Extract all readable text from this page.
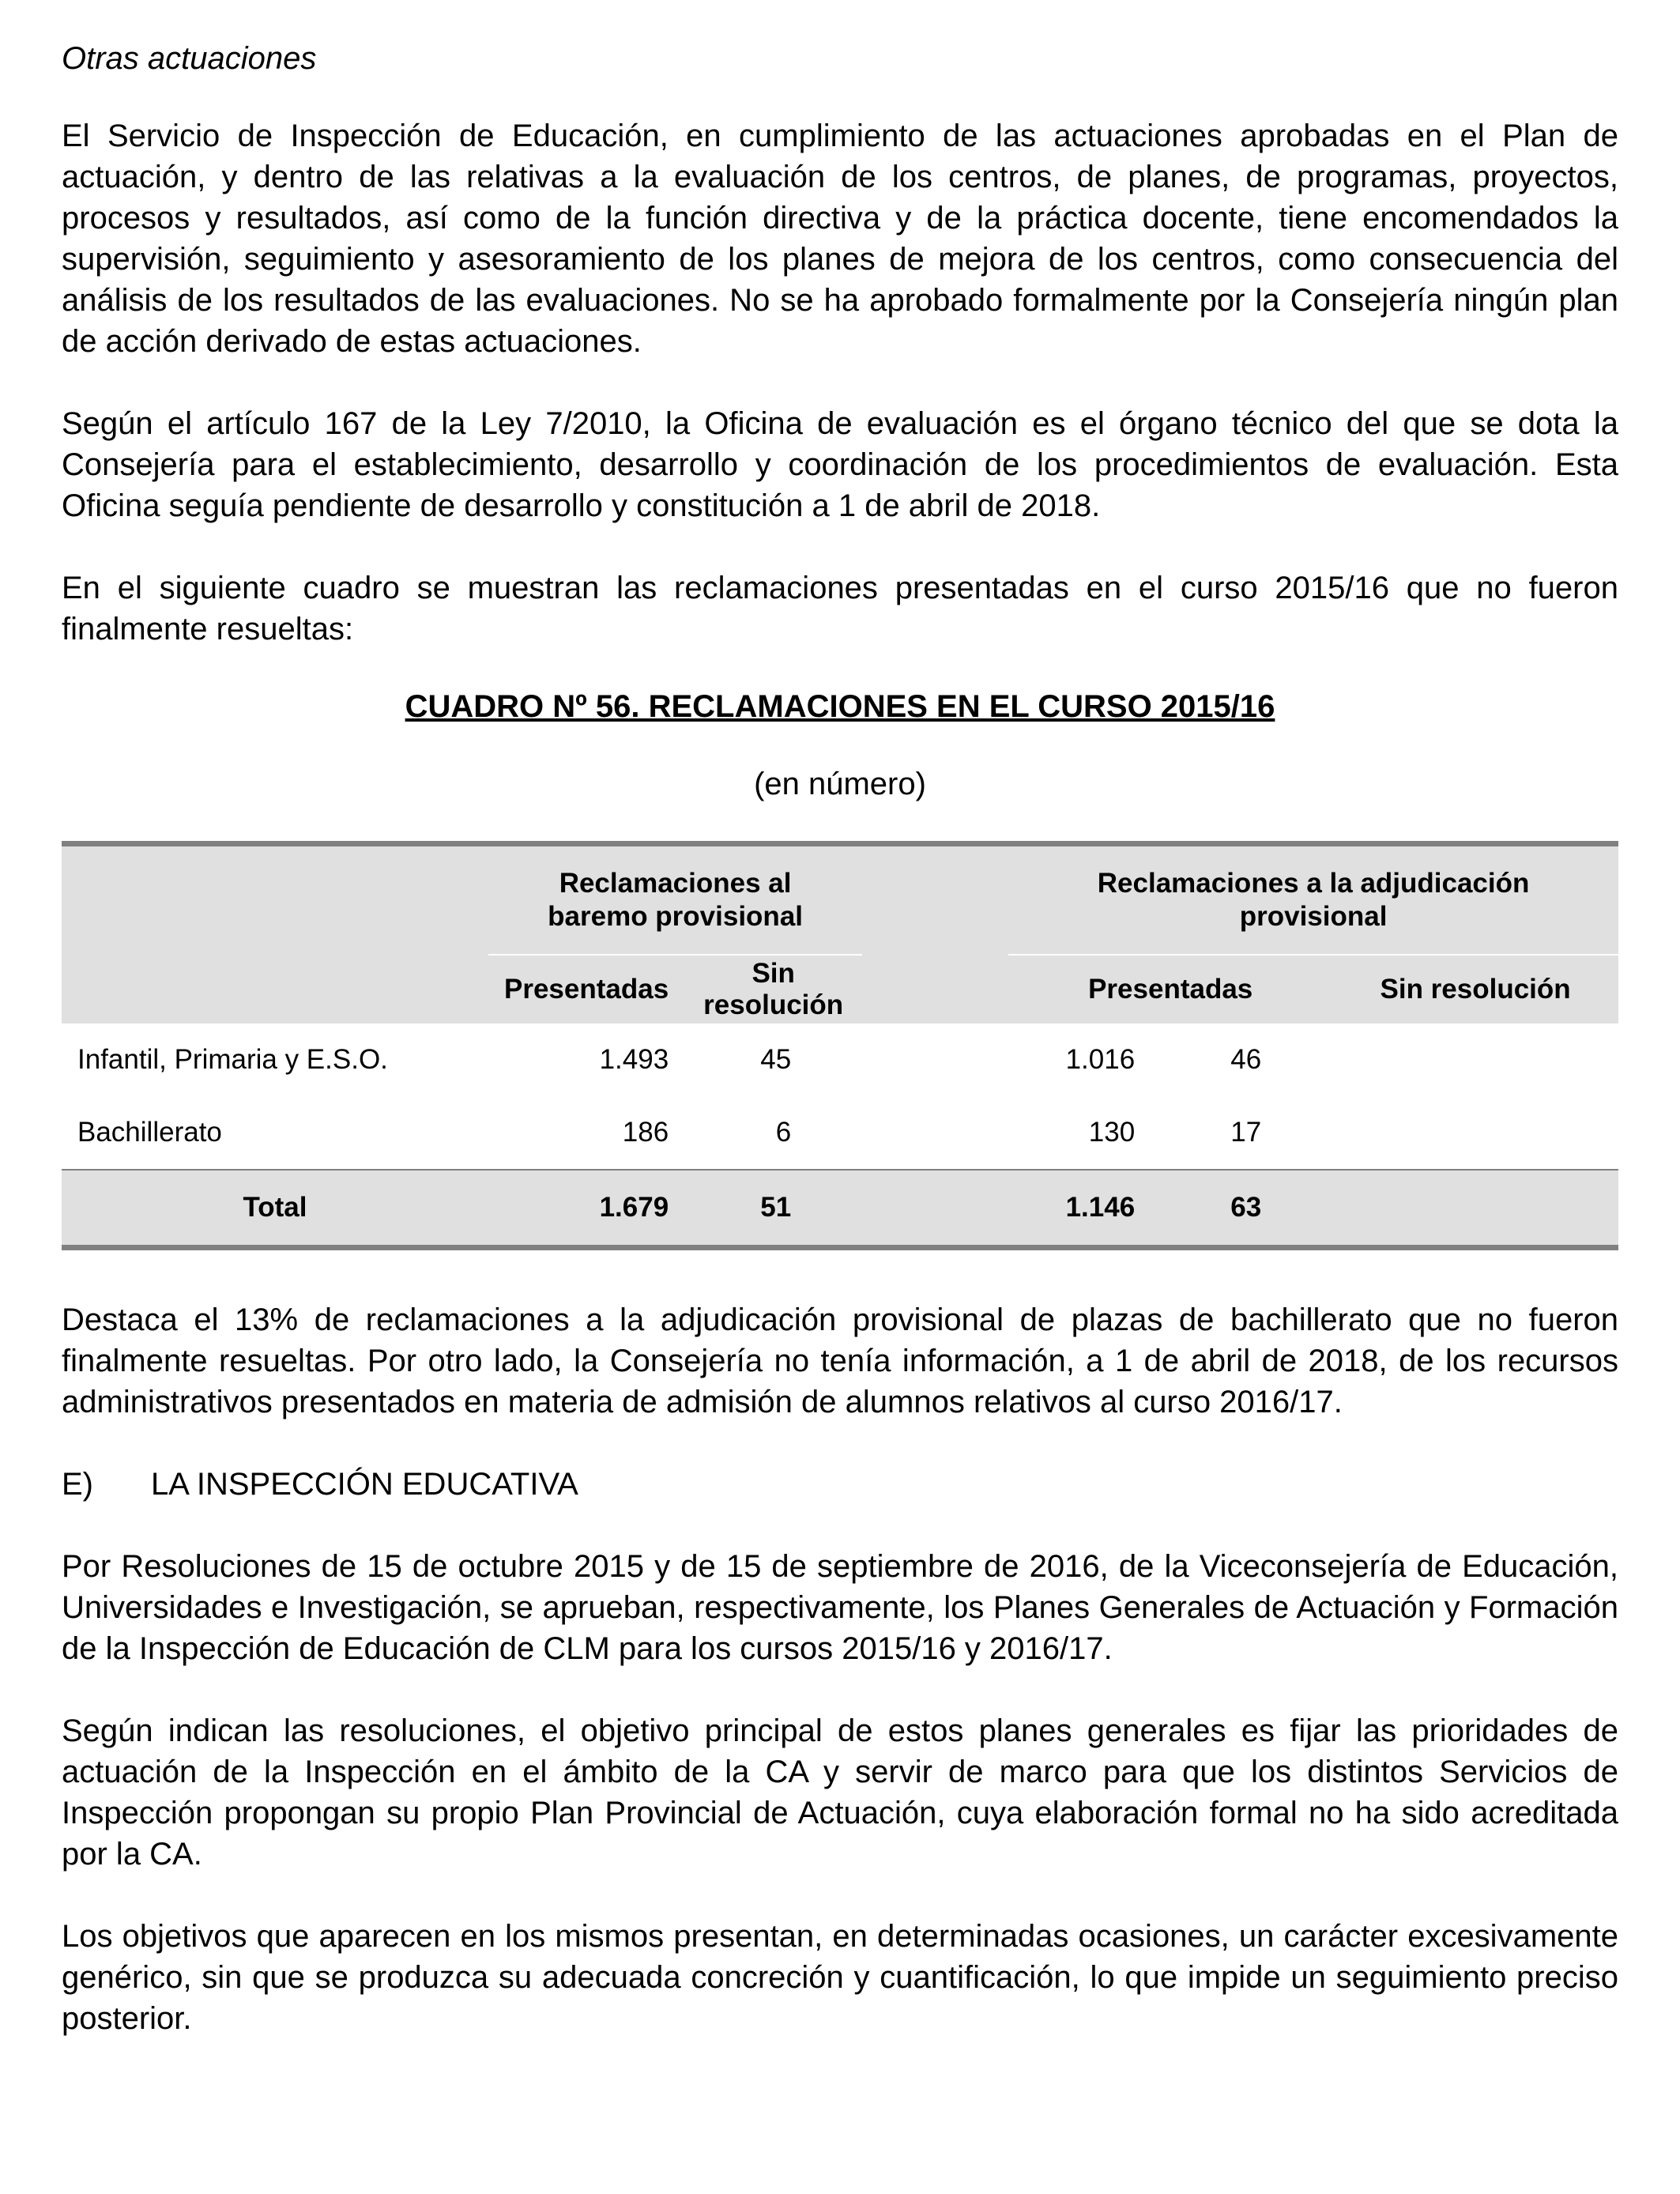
Otras actuaciones

El Servicio de Inspección de Educación, en cumplimiento de las actuaciones aprobadas en el Plan de actuación, y dentro de las relativas a la evaluación de los centros, de planes, de programas, proyectos, procesos y resultados, así como de la función directiva y de la práctica docente, tiene encomendados la supervisión, seguimiento y asesoramiento de los planes de mejora de los centros, como consecuencia del análisis de los resultados de las evaluaciones. No se ha aprobado formalmente por la Consejería ningún plan de acción derivado de estas actuaciones.

Según el artículo 167 de la Ley 7/2010, la Oficina de evaluación es el órgano técnico del que se dota la Consejería para el establecimiento, desarrollo y coordinación de los procedimientos de evaluación. Esta Oficina seguía pendiente de desarrollo y constitución a 1 de abril de 2018.

En el siguiente cuadro se muestran las reclamaciones presentadas en el curso 2015/16 que no fueron finalmente resueltas:

CUADRO Nº 56. RECLAMACIONES EN EL CURSO 2015/16
(en número)

	Reclamaciones al baremo provisional			Reclamaciones a la adjudicación provisional		
	Presentadas	Sin resolución		Presentadas		Sin resolución
Infantil, Primaria y E.S.O.	1.493	45		1.016	46	
Bachillerato	186	6		130	17	
Total	1.679	51		1.146	63	

Destaca el 13% de reclamaciones a la adjudicación provisional de plazas de bachillerato que no fueron finalmente resueltas. Por otro lado, la Consejería no tenía información, a 1 de abril de 2018, de los recursos administrativos presentados en materia de admisión de alumnos relativos al curso 2016/17.

E)	LA INSPECCIÓN EDUCATIVA

Por Resoluciones de 15 de octubre 2015 y de 15 de septiembre de 2016, de la Viceconsejería de Educación, Universidades e Investigación, se aprueban, respectivamente, los Planes Generales de Actuación y Formación de la Inspección de Educación de CLM para los cursos 2015/16 y 2016/17.

Según indican las resoluciones, el objetivo principal de estos planes generales es fijar las prioridades de actuación de la Inspección en el ámbito de la CA y servir de marco para que los distintos Servicios de Inspección propongan su propio Plan Provincial de Actuación, cuya elaboración formal no ha sido acreditada por la CA.

Los objetivos que aparecen en los mismos presentan, en determinadas ocasiones, un carácter excesivamente genérico, sin que se produzca su adecuada concreción y cuantificación, lo que impide un seguimiento preciso posterior.
